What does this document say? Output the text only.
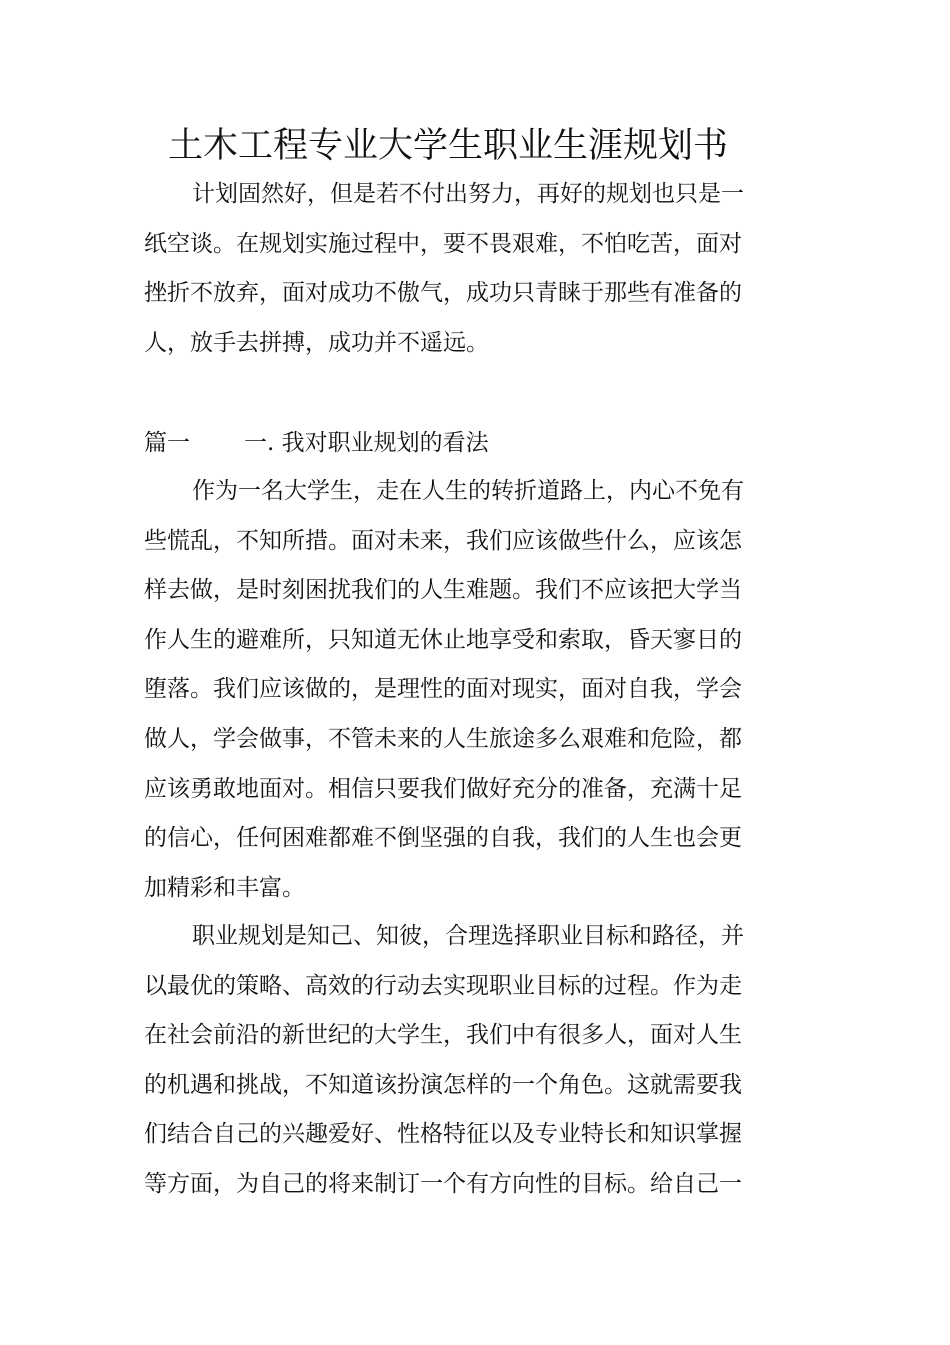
土木工程专业大学生职业生涯规划书
计划固然好，但是若不付出努力，再好的规划也只是一
纸空谈。在规划实施过程中，要不畏艰难，不怕吃苦，面对
挫折不放弃，面对成功不傲气，成功只青睐于那些有准备的
人，放手去拼搏，成功并不遥远。
篇一 一. 我对职业规划的看法
作为一名大学生，走在人生的转折道路上，内心不免有
些慌乱，不知所措。面对未来，我们应该做些什么，应该怎
样去做，是时刻困扰我们的人生难题。我们不应该把大学当
作人生的避难所，只知道无休止地享受和索取，昏天寥日的
堕落。我们应该做的，是理性的面对现实，面对自我，学会
做人，学会做事，不管未来的人生旅途多么艰难和危险，都
应该勇敢地面对。相信只要我们做好充分的准备，充满十足
的信心，任何困难都难不倒坚强的自我，我们的人生也会更
加精彩和丰富。
职业规划是知己、知彼，合理选择职业目标和路径，并
以最优的策略、高效的行动去实现职业目标的过程。作为走
在社会前沿的新世纪的大学生，我们中有很多人，面对人生
的机遇和挑战，不知道该扮演怎样的一个角色。这就需要我
们结合自己的兴趣爱好、性格特征以及专业特长和知识掌握
等方面，为自己的将来制订一个有方向性的目标。给自己一
